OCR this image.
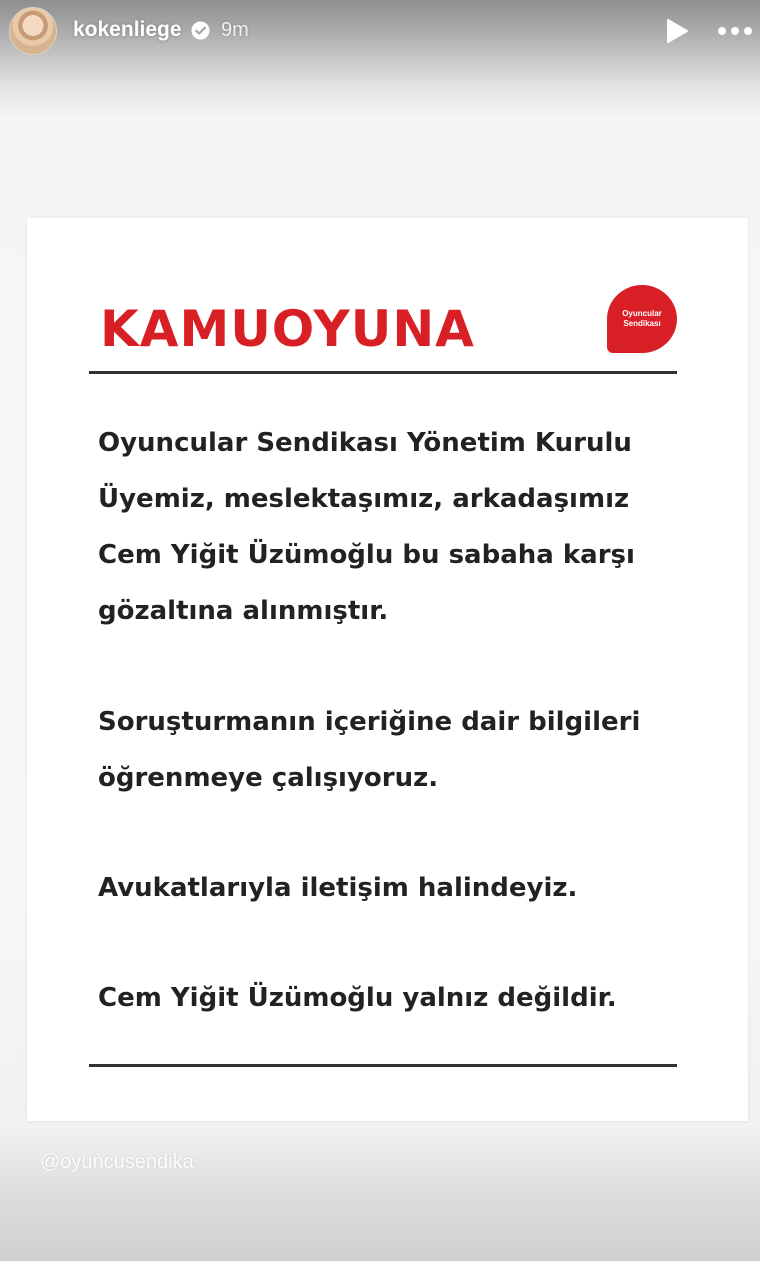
kokenliege 9m
KAMUOYUNA	Oyuncular
Sendikası

Oyuncular Sendikası Yönetim Kurulu Üyemiz, meslektaşımız, arkadaşımız Cem Yiğit Üzümoğlu bu sabaha karşı gözaltına alınmıştır.

Soruşturmanın içeriğine dair bilgileri öğrenmeye çalışıyoruz.

Avukatlarıyla iletişim halindeyiz.

Cem Yiğit Üzümoğlu yalnız değildir.

@oyuncusendika
